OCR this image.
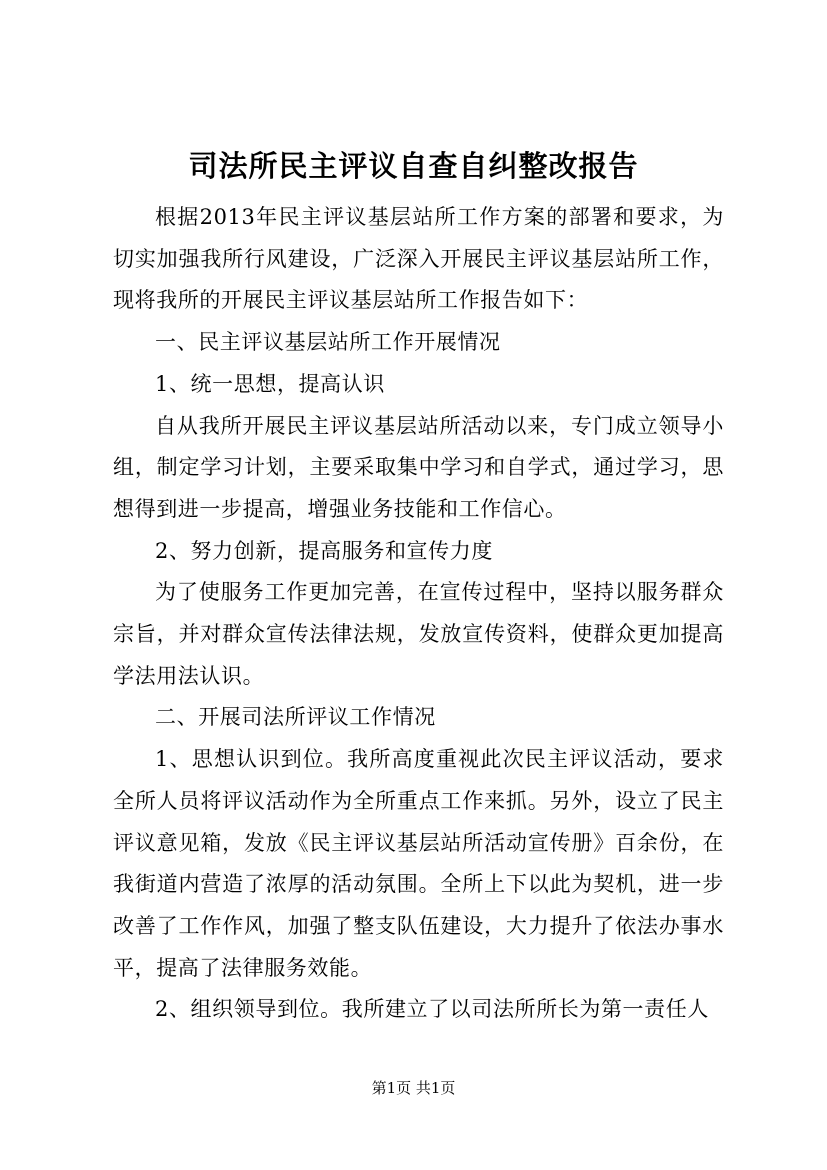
司法所民主评议自查自纠整改报告

根据2013年民主评议基层站所工作方案的部署和要求，为切实加强我所行风建设，广泛深入开展民主评议基层站所工作，现将我所的开展民主评议基层站所工作报告如下：

一、民主评议基层站所工作开展情况

1、统一思想，提高认识

自从我所开展民主评议基层站所活动以来，专门成立领导小组，制定学习计划，主要采取集中学习和自学式，通过学习，思想得到进一步提高，增强业务技能和工作信心。

2、努力创新，提高服务和宣传力度

为了使服务工作更加完善，在宣传过程中，坚持以服务群众宗旨，并对群众宣传法律法规，发放宣传资料，使群众更加提高学法用法认识。

二、开展司法所评议工作情况

1、思想认识到位。我所高度重视此次民主评议活动，要求全所人员将评议活动作为全所重点工作来抓。另外，设立了民主评议意见箱，发放《民主评议基层站所活动宣传册》百余份，在我街道内营造了浓厚的活动氛围。全所上下以此为契机，进一步改善了工作作风，加强了整支队伍建设，大力提升了依法办事水平，提高了法律服务效能。

2、组织领导到位。我所建立了以司法所所长为第一责任人

第1页 共1页
